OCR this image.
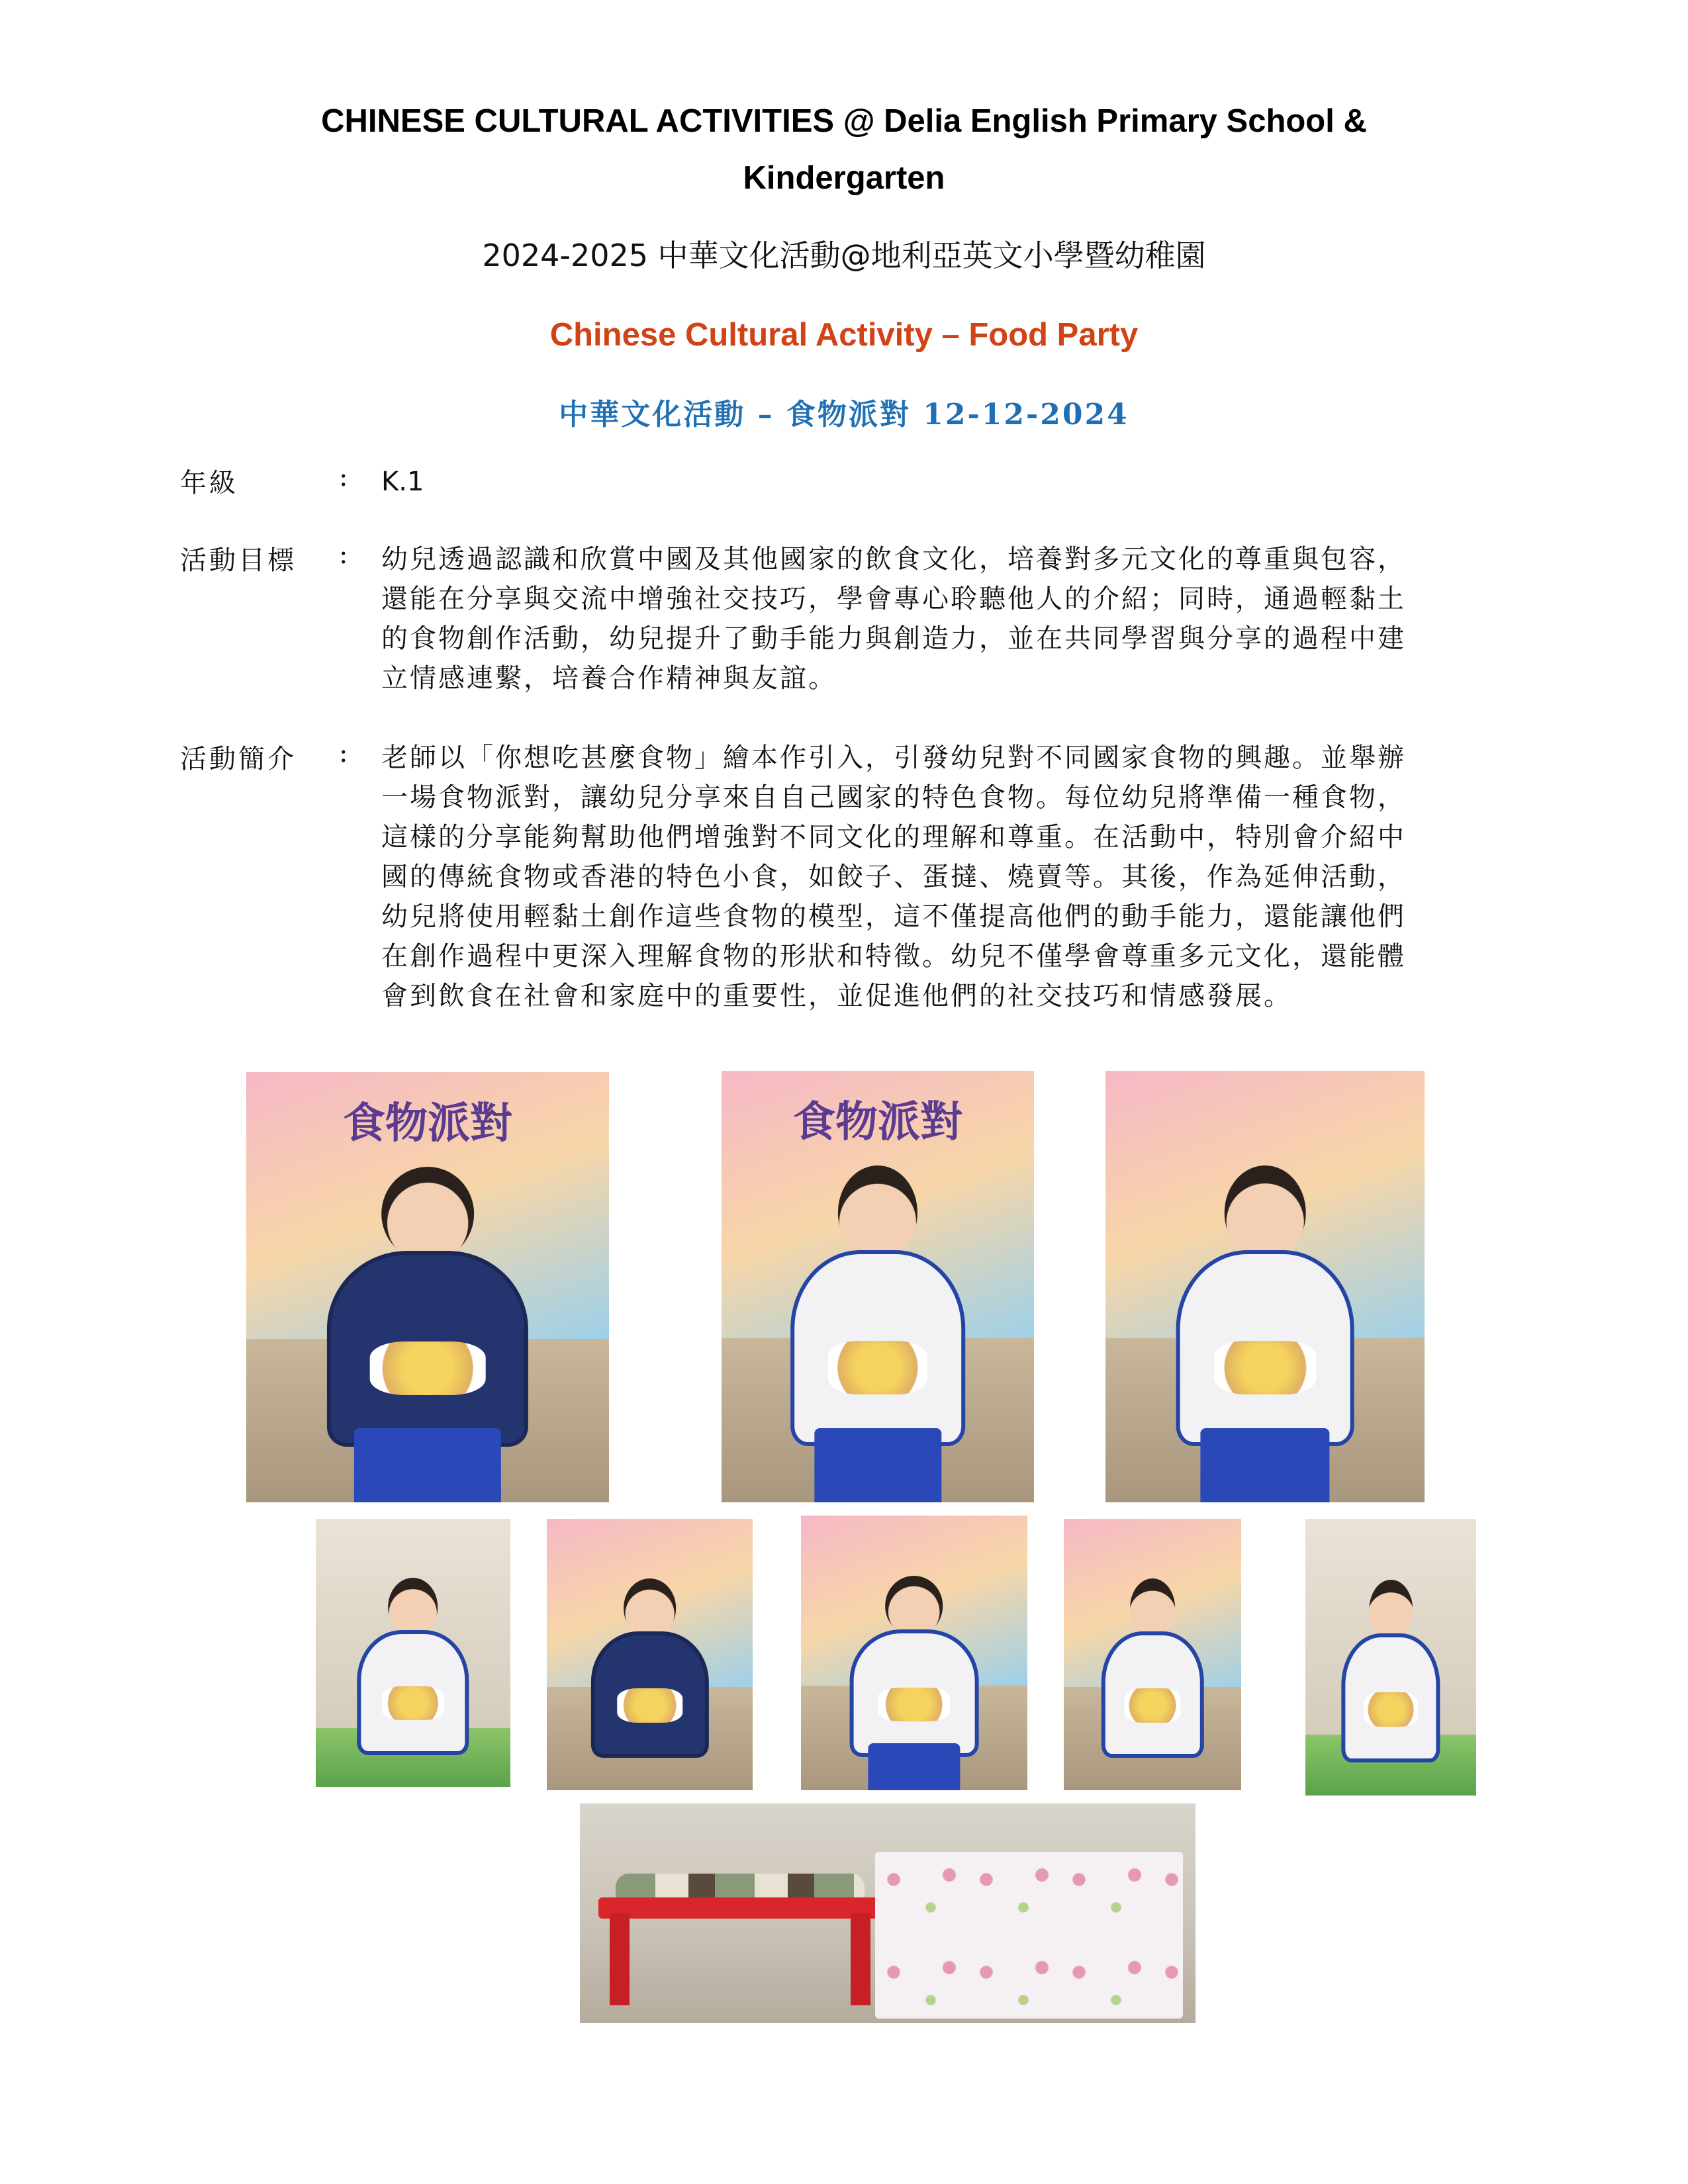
CHINESE CULTURAL ACTIVITIES @ Delia English Primary School &
Kindergarten
2024-2025 中華文化活動@地利亞英文小學暨幼稚園
Chinese Cultural Activity – Food Party
中華文化活動 – 食物派對 12-12-2024
年級	: K.1
活動目標	: 幼兒透過認識和欣賞中國及其他國家的飲食文化，培養對多元文化的尊重與包容，
還能在分享與交流中增強社交技巧，學會專心聆聽他人的介紹；同時，通過輕黏土
的食物創作活動，幼兒提升了動手能力與創造力，並在共同學習與分享的過程中建
立情感連繫，培養合作精神與友誼。
活動簡介	: 老師以「你想吃甚麼食物」繪本作引入，引發幼兒對不同國家食物的興趣。並舉辦
一場食物派對，讓幼兒分享來自自己國家的特色食物。每位幼兒將準備一種食物，
這樣的分享能夠幫助他們增強對不同文化的理解和尊重。在活動中，特別會介紹中
國的傳統食物或香港的特色小食，如餃子、蛋撻、燒賣等。其後，作為延伸活動，
幼兒將使用輕黏土創作這些食物的模型，這不僅提高他們的動手能力，還能讓他們
在創作過程中更深入理解食物的形狀和特徵。幼兒不僅學會尊重多元文化，還能體
會到飲食在社會和家庭中的重要性，並促進他們的社交技巧和情感發展。
食物派對	食物派對
